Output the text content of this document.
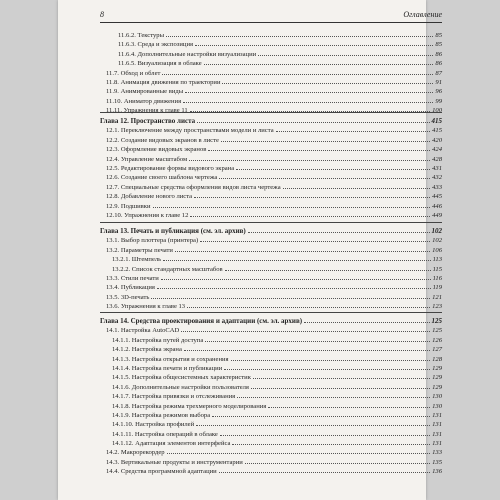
8	Оглавление
11.6.2. Текстуры	85
11.6.3. Среда и экспозиция	85
11.6.4. Дополнительные настройки визуализации	86
11.6.5. Визуализация в облаке	86
11.7. Обход и облет	87
11.8. Анимация движения по траектории	91
11.9. Анимированные виды	96
11.10. Аниматор движения	99
11.11. Упражнения к главе 11	100
Глава 12. Пространство листа	415
12.1. Переключение между пространствами модели и листа	415
12.2. Создание видовых экранов в листе	420
12.3. Оформление видовых экранов	424
12.4. Управление масштабом	428
12.5. Редактирование формы видового экрана	431
12.6. Создание своего шаблона чертежа	432
12.7. Специальные средства оформления видов листа чертежа	433
12.8. Добавление нового листа	445
12.9. Подшивки	446
12.10. Упражнения к главе 12	449
Глава 13. Печать и публикация (см. эл. архив)	102
13.1. Выбор плоттера (принтера)	102
13.2. Параметры печати	106
13.2.1. Штемпель	113
13.2.2. Список стандартных масштабов	115
13.3. Стили печати	116
13.4. Публикация	119
13.5. 3D-печать	121
13.6. Упражнения к главе 13	123
Глава 14. Средства проектирования и адаптации (см. эл. архив)	125
14.1. Настройка AutoCAD	125
14.1.1. Настройка путей доступа	126
14.1.2. Настройка экрана	127
14.1.3. Настройка открытия и сохранения	128
14.1.4. Настройка печати и публикации	129
14.1.5. Настройка общесистемных характеристик	129
14.1.6. Дополнительные настройки пользователя	129
14.1.7. Настройка привязки и отслеживания	130
14.1.8. Настройка режима трехмерного моделирования	130
14.1.9. Настройка режимов выбора	131
14.1.10. Настройка профилей	131
14.1.11. Настройка операций в облаке	131
14.1.12. Адаптация элементов интерфейса	131
14.2. Макрорекордер	133
14.3. Вертикальные продукты и инструментарии	135
14.4. Средства программной адаптации	136
